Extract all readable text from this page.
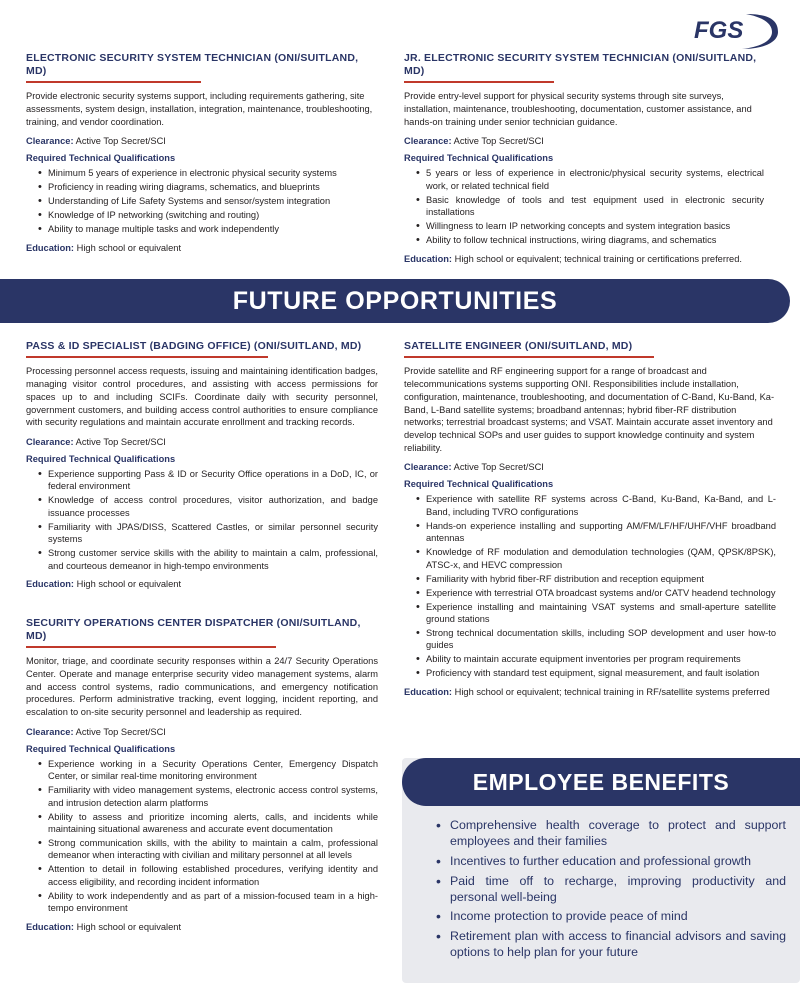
FGS
ELECTRONIC SECURITY SYSTEM TECHNICIAN (ONI/SUITLAND, MD)

Provide electronic security systems support, including requirements gathering, site assessments, system design, installation, integration, maintenance, troubleshooting, training, and vendor coordination.

Clearance: Active Top Secret/SCI

Required Technical Qualifications
• Minimum 5 years of experience in electronic physical security systems
• Proficiency in reading wiring diagrams, schematics, and blueprints
• Understanding of Life Safety Systems and sensor/system integration
• Knowledge of IP networking (switching and routing)
• Ability to manage multiple tasks and work independently

Education: High school or equivalent

JR. ELECTRONIC SECURITY SYSTEM TECHNICIAN (ONI/SUITLAND, MD)

Provide entry-level support for physical security systems through site surveys, installation, maintenance, troubleshooting, documentation, customer assistance, and hands-on training under senior technician guidance.

Clearance: Active Top Secret/SCI

Required Technical Qualifications
• 5 years or less of experience in electronic/physical security systems, electrical work, or related technical field
• Basic knowledge of tools and test equipment used in electronic security installations
• Willingness to learn IP networking concepts and system integration basics
• Ability to follow technical instructions, wiring diagrams, and schematics

Education: High school or equivalent; technical training or certifications preferred.

FUTURE OPPORTUNITIES
PASS & ID SPECIALIST (BADGING OFFICE) (ONI/SUITLAND, MD)

Processing personnel access requests, issuing and maintaining identification badges, managing visitor control procedures, and assisting with access permissions for spaces up to and including SCIFs. Coordinate daily with security personnel, government customers, and building access control authorities to ensure compliance with security regulations and maintain accurate enrollment and tracking records.

Clearance: Active Top Secret/SCI

Required Technical Qualifications
• Experience supporting Pass & ID or Security Office operations in a DoD, IC, or federal environment
• Knowledge of access control procedures, visitor authorization, and badge issuance processes
• Familiarity with JPAS/DISS, Scattered Castles, or similar personnel security systems
• Strong customer service skills with the ability to maintain a calm, professional, and courteous demeanor in high-tempo environments

Education: High school or equivalent

SECURITY OPERATIONS CENTER DISPATCHER (ONI/SUITLAND, MD)

Monitor, triage, and coordinate security responses within a 24/7 Security Operations Center. Operate and manage enterprise security video management systems, alarm and access control systems, radio communications, and emergency notification procedures. Perform administrative tracking, event logging, incident reporting, and escalation to on-site security personnel and leadership as required.

Clearance: Active Top Secret/SCI

Required Technical Qualifications
• Experience working in a Security Operations Center, Emergency Dispatch Center, or similar real-time monitoring environment
• Familiarity with video management systems, electronic access control systems, and intrusion detection alarm platforms
• Ability to assess and prioritize incoming alerts, calls, and incidents while maintaining situational awareness and accurate event documentation
• Strong communication skills, with the ability to maintain a calm, professional demeanor when interacting with civilian and military personnel at all levels
• Attention to detail in following established procedures, verifying identity and access eligibility, and recording incident information
• Ability to work independently and as part of a mission-focused team in a high-tempo environment

Education: High school or equivalent

SATELLITE ENGINEER (ONI/SUITLAND, MD)

Provide satellite and RF engineering support for a range of broadcast and telecommunications systems supporting ONI. Responsibilities include installation, configuration, maintenance, troubleshooting, and documentation of C-Band, Ku-Band, Ka-Band, L-Band satellite systems; broadband antennas; hybrid fiber-RF distribution networks; terrestrial broadcast systems; and VSAT. Maintain accurate asset inventory and develop technical SOPs and user guides to support knowledge continuity and system reliability.

Clearance: Active Top Secret/SCI

Required Technical Qualifications
• Experience with satellite RF systems across C-Band, Ku-Band, Ka-Band, and L-Band, including TVRO configurations
• Hands-on experience installing and supporting AM/FM/LF/HF/UHF/VHF broadband antennas
• Knowledge of RF modulation and demodulation technologies (QAM, QPSK/8PSK), ATSC-x, and HEVC compression
• Familiarity with hybrid fiber-RF distribution and reception equipment
• Experience with terrestrial OTA broadcast systems and/or CATV headend technology
• Experience installing and maintaining VSAT systems and small-aperture satellite ground stations
• Strong technical documentation skills, including SOP development and user how-to guides
• Ability to maintain accurate equipment inventories per program requirements
• Proficiency with standard test equipment, signal measurement, and fault isolation

Education: High school or equivalent; technical training in RF/satellite systems preferred

EMPLOYEE BENEFITS
• Comprehensive health coverage to protect and support employees and their families
• Incentives to further education and professional growth
• Paid time off to recharge, improving productivity and personal well-being
• Income protection to provide peace of mind
• Retirement plan with access to financial advisors and saving options to help plan for your future
